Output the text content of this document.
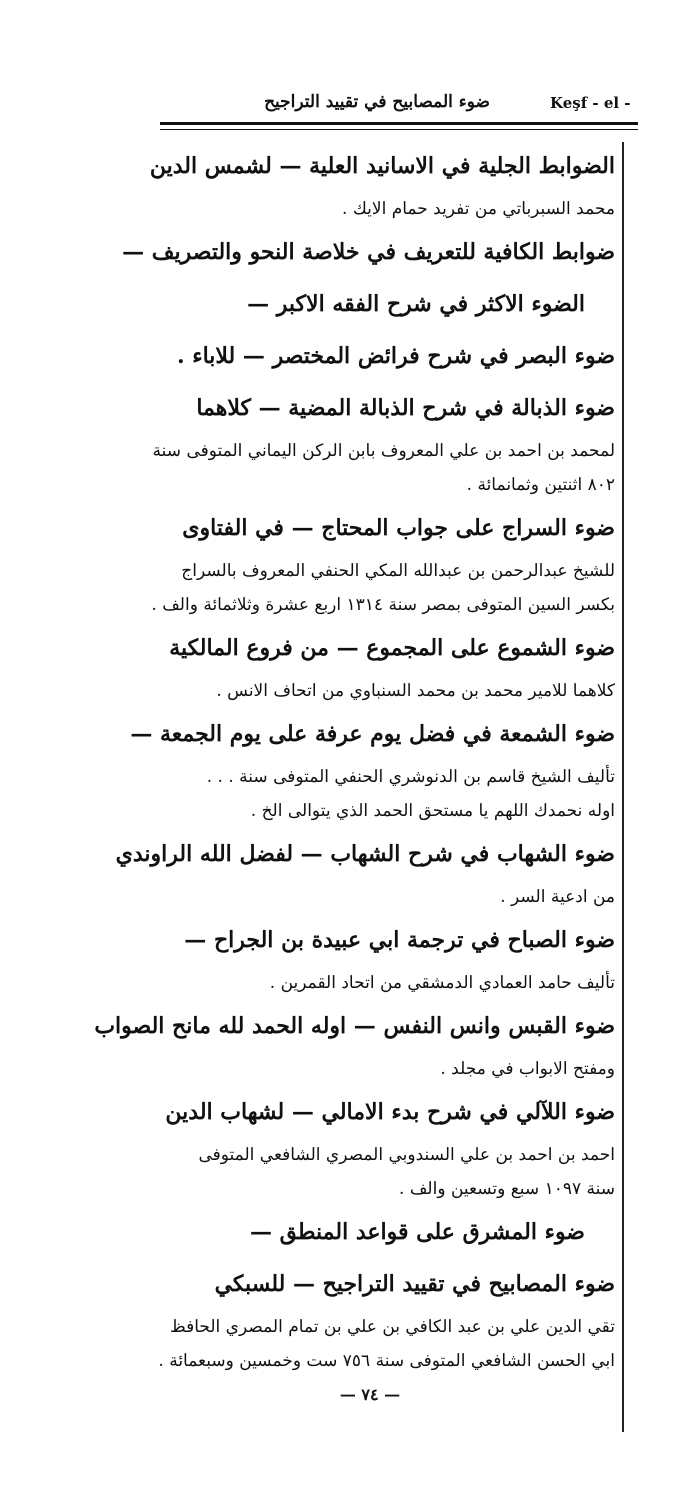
ضوء المصابيح في تقييد التراجيح	Keşf - el -
الضوابط الجلية في الاسانيد العلية — لشمس الدين
محمد السبرباتي من تفريد حمام الايك .
ضوابط الكافية للتعريف في خلاصة النحو والتصريف —
الضوء الاكثر في شرح الفقه الاكبر —
ضوء البصر في شرح فرائض المختصر — للاباء .
ضوء الذبالة في شرح الذبالة المضية — كلاهما
لمحمد بن احمد بن علي المعروف بابن الركن اليماني المتوفى سنة
٨٠٢ اثنتين وثمانمائة .
ضوء السراج على جواب المحتاج — في الفتاوى
للشيخ عبدالرحمن بن عبدالله المكي الحنفي المعروف بالسراج
بكسر السين المتوفى بمصر سنة ١٣١٤ اربع عشرة وثلاثمائة والف .
ضوء الشموع على المجموع — من فروع المالكية
كلاهما للامير محمد بن محمد السنباوي من اتحاف الانس .
ضوء الشمعة في فضل يوم عرفة على يوم الجمعة —
تأليف الشيخ قاسم بن الدنوشري الحنفي المتوفى سنة . . .
اوله نحمدك اللهم يا مستحق الحمد الذي يتوالى الخ .
ضوء الشهاب في شرح الشهاب — لفضل الله الراوندي
من ادعية السر .
ضوء الصباح في ترجمة ابي عبيدة بن الجراح —
تأليف حامد العمادي الدمشقي من اتحاد القمرين .
ضوء القبس وانس النفس — اوله الحمد لله مانح الصواب
ومفتح الابواب في مجلد .
ضوء اللآلي في شرح بدء الامالي — لشهاب الدين
احمد بن احمد بن علي السندوبي المصري الشافعي المتوفى
سنة ١٠٩٧ سبع وتسعين والف .
ضوء المشرق على قواعد المنطق —
ضوء المصابيح في تقييد التراجيح — للسبكي
تقي الدين علي بن عبد الكافي بن علي بن تمام المصري الحافظ
ابي الحسن الشافعي المتوفى سنة ٧٥٦ ست وخمسين وسبعمائة .
— ٧٤ —
